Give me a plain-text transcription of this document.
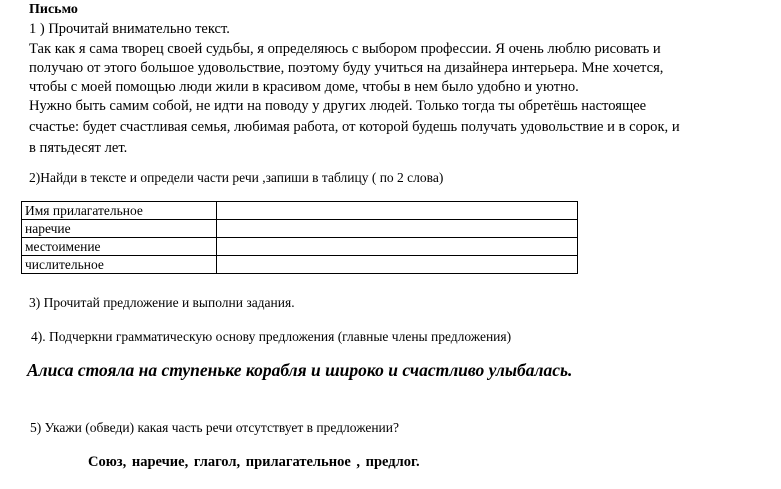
Письмо
1 ) Прочитай внимательно текст.
Так как я сама творец своей судьбы, я определяюсь с выбором профессии. Я очень люблю рисовать и
получаю от этого большое удовольствие, поэтому буду учиться на дизайнера интерьера. Мне хочется,
чтобы с моей помощью люди жили в красивом доме, чтобы в нем было удобно и уютно.
Нужно быть самим собой, не идти на поводу у других людей. Только тогда ты обретёшь настоящее
счастье: будет счастливая семья, любимая работа, от которой будешь получать удовольствие и в сорок, и
в пятьдесят лет.
2)Найди в тексте и определи части речи ,запиши в таблицу ( по 2 слова)
Имя прилагательное	
наречие	
местоимение	
числительное	
3) Прочитай предложение и выполни задания.
4). Подчеркни грамматическую основу предложения (главные члены предложения)
Алиса стояла на ступеньке корабля и широко и счастливо улыбалась.
5) Укажи (обведи) какая часть речи отсутствует в предложении?
Союз, наречие, глагол, прилагательное , предлог.
